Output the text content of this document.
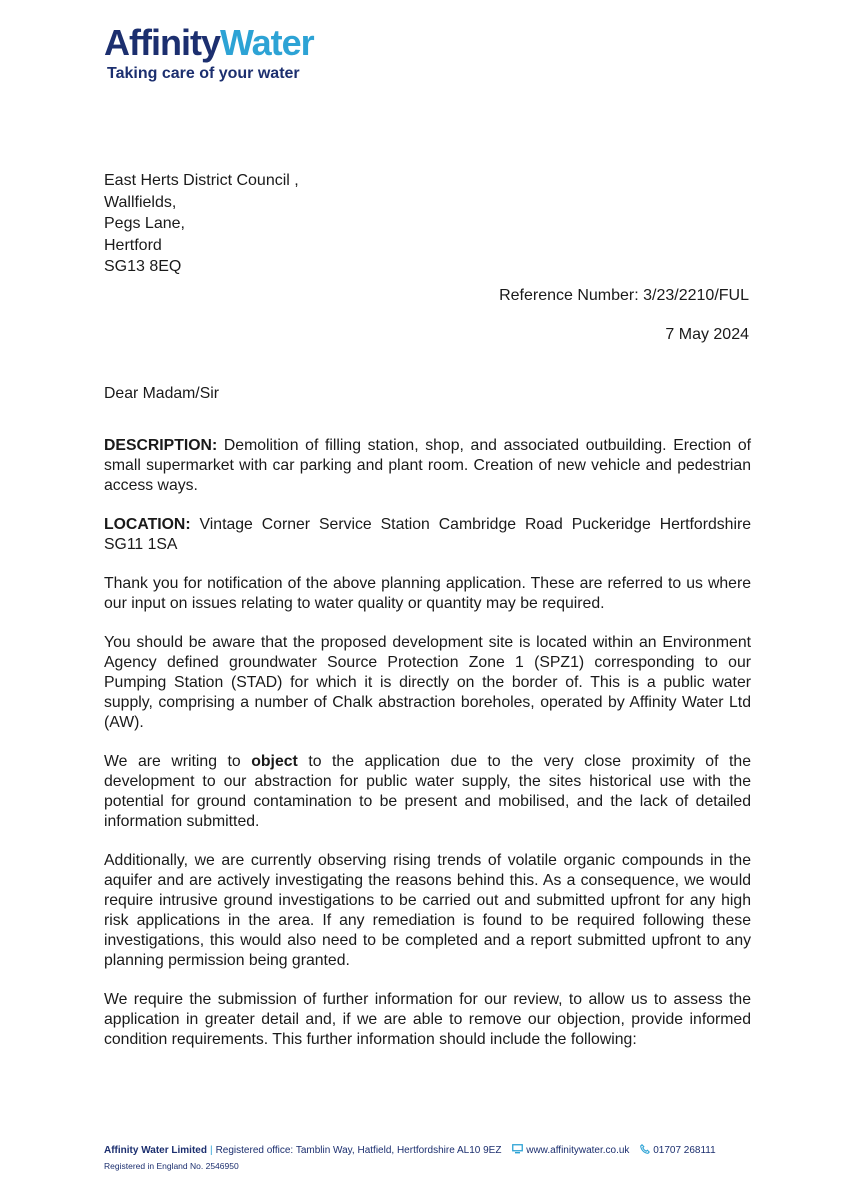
AffinityWater
Taking care of your water
East Herts District Council ,
Wallfields,
Pegs Lane,
Hertford
SG13 8EQ
Reference Number: 3/23/2210/FUL
7 May 2024

Dear Madam/Sir

DESCRIPTION: Demolition of filling station, shop, and associated outbuilding. Erection of small supermarket with car parking and plant room. Creation of new vehicle and pedestrian access ways.

LOCATION: Vintage Corner Service Station Cambridge Road Puckeridge Hertfordshire SG11 1SA

Thank you for notification of the above planning application. These are referred to us where our input on issues relating to water quality or quantity may be required.

You should be aware that the proposed development site is located within an Environment Agency defined groundwater Source Protection Zone 1 (SPZ1) corresponding to our Pumping Station (STAD) for which it is directly on the border of. This is a public water supply, comprising a number of Chalk abstraction boreholes, operated by Affinity Water Ltd (AW).

We are writing to object to the application due to the very close proximity of the development to our abstraction for public water supply, the sites historical use with the potential for ground contamination to be present and mobilised, and the lack of detailed information submitted.

Additionally, we are currently observing rising trends of volatile organic compounds in the aquifer and are actively investigating the reasons behind this. As a consequence, we would require intrusive ground investigations to be carried out and submitted upfront for any high risk applications in the area. If any remediation is found to be required following these investigations, this would also need to be completed and a report submitted upfront to any planning permission being granted.

We require the submission of further information for our review, to allow us to assess the application in greater detail and, if we are able to remove our objection, provide informed condition requirements. This further information should include the following:

Affinity Water Limited | Registered office: Tamblin Way, Hatfield, Hertfordshire AL10 9EZ www.affinitywater.co.uk 01707 268111
Registered in England No. 2546950
